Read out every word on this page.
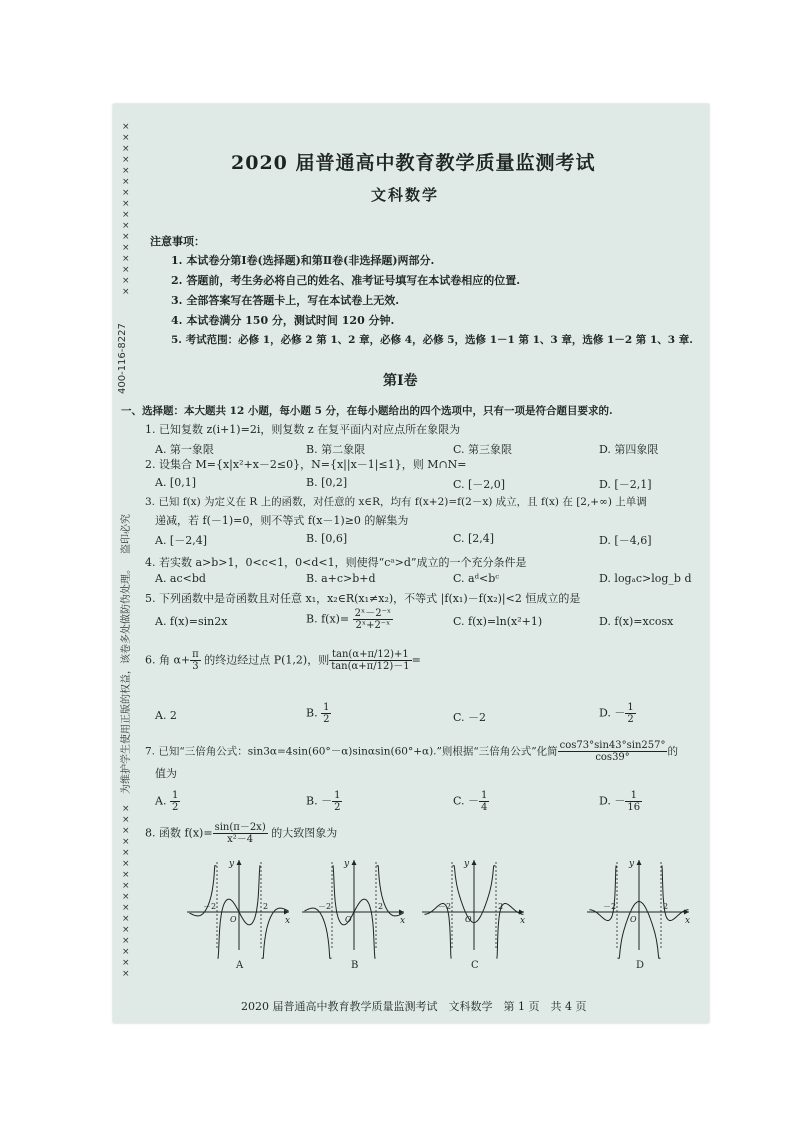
××××××××××××××××
400-116-8227
盗印必究
为维护学生使用正版的权益，该卷多处做防伪处理。
××××××××××××××××
2020 届普通高中教育教学质量监测考试
文科数学
注意事项：
1. 本试卷分第Ⅰ卷(选择题)和第Ⅱ卷(非选择题)两部分.
2. 答题前，考生务必将自己的姓名、准考证号填写在本试卷相应的位置.
3. 全部答案写在答题卡上，写在本试卷上无效.
4. 本试卷满分 150 分，测试时间 120 分钟.
5. 考试范围：必修 1，必修 2 第 1、2 章，必修 4，必修 5，选修 1－1 第 1、3 章，选修 1－2 第 1、3 章.
第Ⅰ卷
一、选择题：本大题共 12 小题，每小题 5 分，在每小题给出的四个选项中，只有一项是符合题目要求的.
1. 已知复数 z(i+1)=2i，则复数 z 在复平面内对应点所在象限为
A. 第一象限	B. 第二象限	C. 第三象限	D. 第四象限
2. 设集合 M={x|x²+x－2≤0}，N={x||x－1|≤1}，则 M∩N=
A. [0,1]	B. [0,2]	C. [－2,0]	D. [－2,1]
3. 已知 f(x) 为定义在 R 上的函数，对任意的 x∈R，均有 f(x+2)=f(2－x) 成立，且 f(x) 在 [2,+∞) 上单调
递减，若 f(－1)=0，则不等式 f(x－1)≥0 的解集为
A. [－2,4]	B. [0,6]	C. [2,4]	D. [－4,6]
4. 若实数 a>b>1，0<c<1，0<d<1，则使得“cᵃ>d”成立的一个充分条件是
A. ac<bd	B. a+c>b+d	C. aᵈ<bᶜ	D. logₐc>log_b d
5. 下列函数中是奇函数且对任意 x₁，x₂∈R(x₁≠x₂)，不等式 |f(x₁)－f(x₂)|<2 恒成立的是
A. f(x)=sin2x	B. $f(x)= \frac{\text{2ˣ－2⁻ˣ}}{\text{2ˣ+2⁻ˣ}}$	C. f(x)=ln(x²+1)	D. f(x)=xcosx
6. 角 $\alpha+ \frac{\pi}{3}$ 的终边经过点 P(1,2)，则 $\frac{\tan(\alpha+\pi/12)+1}{\tan(\alpha+\pi/12)-1}$ =
A. 2	B. $\frac{1}{2}$	C. －2	D. － $\frac{1}{2}$
7. 已知“三倍角公式：sin3α=4sin(60°－α)sinαsin(60°+α).”则根据“三倍角公式”化简 $\frac{\cos 73^\circ\sin 43^\circ\sin 257^\circ}{\cos 39^\circ}$ 的
值为
A. $\frac{1}{2}$	B. － $\frac{1}{2}$	C. － $\frac{1}{4}$	D. － $\frac{1}{16}$
8. 函数 $f(x)= \frac{\sin(\pi-2x)}{\text{x²－4}}$ 的大致图象为
y
x
－2	2
O
A
y
x
－2	2
O
B
y
x
－2	2
O
C
y
x
－2	2
O
D
2020 届普通高中教育教学质量监测考试　文科数学　第 1 页　共 4 页
